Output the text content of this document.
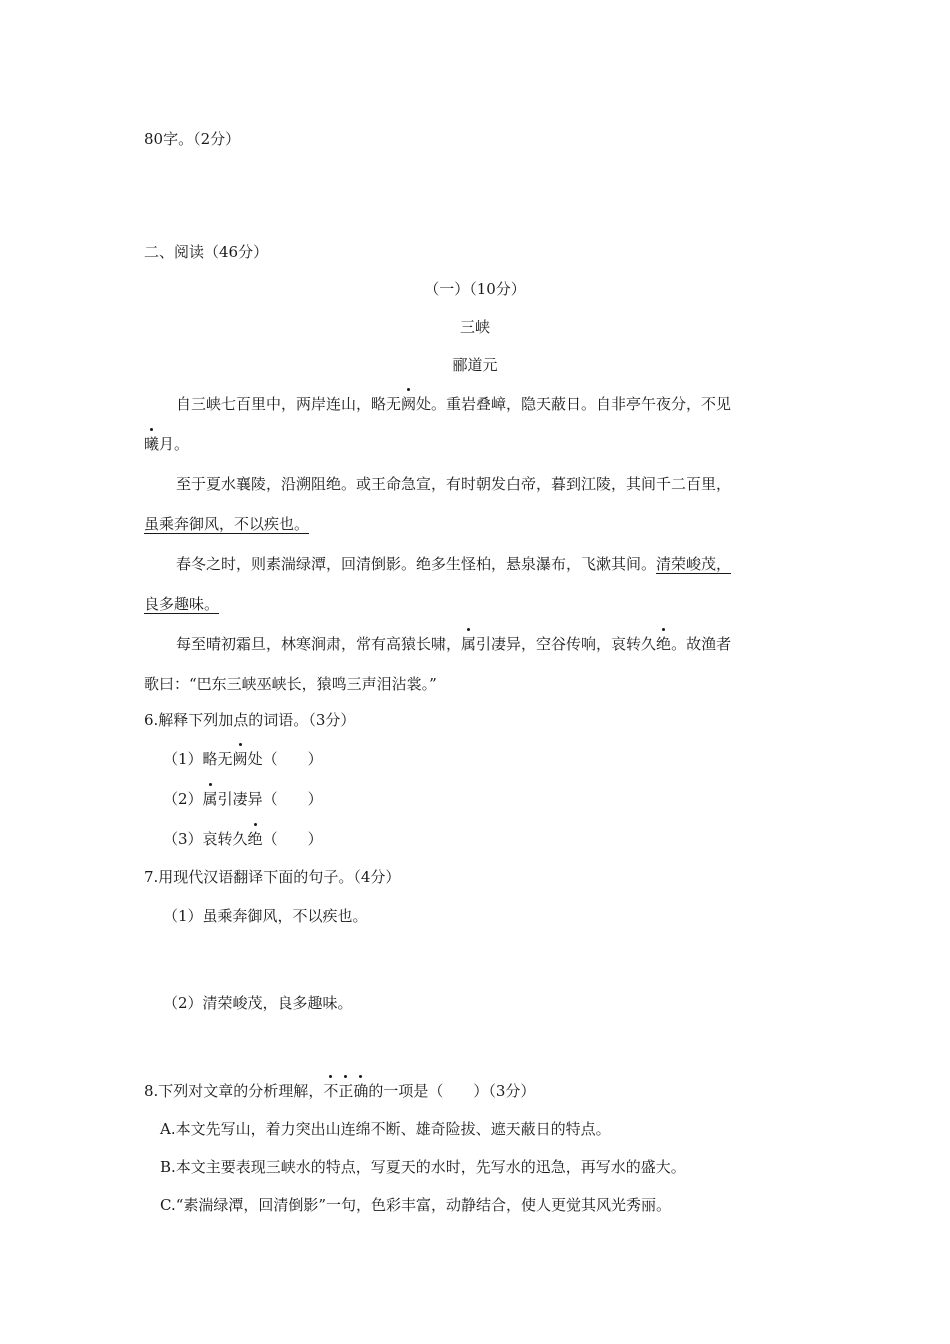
80字。（2分）
二、阅读（46分）
（一）（10分）
三峡
郦道元
自三峡七百里中，两岸连山，略无阙处。重岩叠嶂，隐天蔽日。自非亭午夜分，不见
曦月。
至于夏水襄陵，沿溯阻绝。或王命急宣，有时朝发白帝，暮到江陵，其间千二百里，
虽乘奔御风，不以疾也。
春冬之时，则素湍绿潭，回清倒影。绝多生怪柏，悬泉瀑布，飞漱其间。清荣峻茂，
良多趣味。
每至晴初霜旦，林寒涧肃，常有高猿长啸，属引凄异，空谷传响，哀转久绝。故渔者
歌曰：“巴东三峡巫峡长，猿鸣三声泪沾裳。”
6.解释下列加点的词语。（3分）
（1）略无阙处（　　）
（2）属引凄异（　　）
（3）哀转久绝（　　）
7.用现代汉语翻译下面的句子。（4分）
（1）虽乘奔御风，不以疾也。
（2）清荣峻茂，良多趣味。
8.下列对文章的分析理解，不正确的一项是（　　）（3分）
A.本文先写山，着力突出山连绵不断、雄奇险拔、遮天蔽日的特点。
B.本文主要表现三峡水的特点，写夏天的水时，先写水的迅急，再写水的盛大。
C.“素湍绿潭，回清倒影”一句，色彩丰富，动静结合，使人更觉其风光秀丽。
